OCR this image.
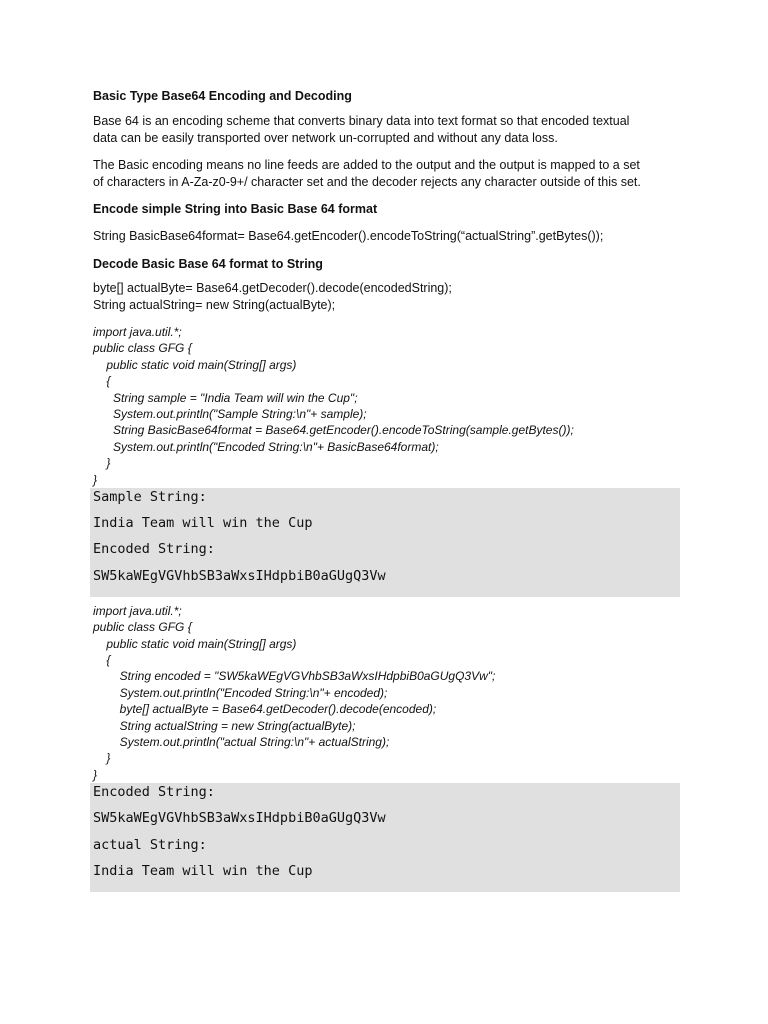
Basic Type Base64 Encoding and Decoding
Base 64 is an encoding scheme that converts binary data into text format so that encoded textual
data can be easily transported over network un-corrupted and without any data loss.
The Basic encoding means no line feeds are added to the output and the output is mapped to a set
of characters in A-Za-z0-9+/ character set and the decoder rejects any character outside of this set.
Encode simple String into Basic Base 64 format
String BasicBase64format= Base64.getEncoder().encodeToString(“actualString”.getBytes());
Decode Basic Base 64 format to String
byte[] actualByte= Base64.getDecoder().decode(encodedString);
String actualString= new String(actualByte);
import java.util.*;
public class GFG {
public static void main(String[] args)
{
String sample = "India Team will win the Cup";
System.out.println("Sample String:\n"+ sample);
String BasicBase64format = Base64.getEncoder().encodeToString(sample.getBytes());
System.out.println("Encoded String:\n"+ BasicBase64format);
}
}
Sample String:
India Team will win the Cup
Encoded String:
SW5kaWEgVGVhbSB3aWxsIHdpbiB0aGUgQ3Vw
import java.util.*;
public class GFG {
public static void main(String[] args)
{
String encoded = "SW5kaWEgVGVhbSB3aWxsIHdpbiB0aGUgQ3Vw";
System.out.println("Encoded String:\n"+ encoded);
byte[] actualByte = Base64.getDecoder().decode(encoded);
String actualString = new String(actualByte);
System.out.println("actual String:\n"+ actualString);
}
}
Encoded String:
SW5kaWEgVGVhbSB3aWxsIHdpbiB0aGUgQ3Vw
actual String:
India Team will win the Cup
